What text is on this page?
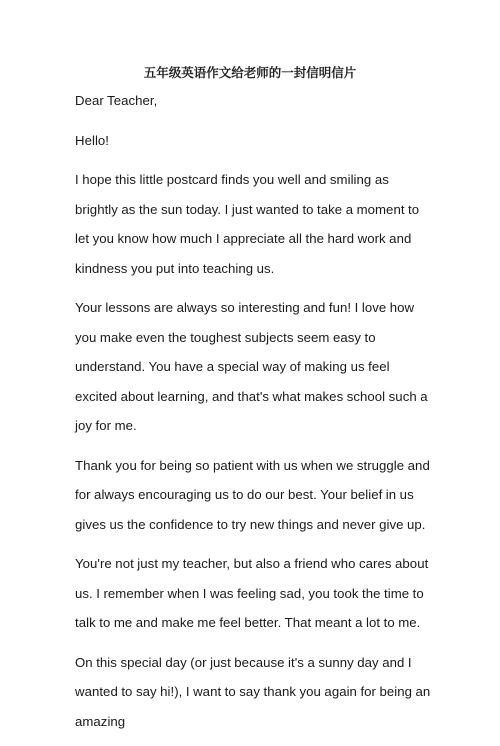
五年级英语作文给老师的一封信明信片

Dear Teacher,

Hello!

I hope this little postcard finds you well and smiling as brightly as the sun today. I just wanted to take a moment to let you know how much I appreciate all the hard work and kindness you put into teaching us.

Your lessons are always so interesting and fun! I love how you make even the toughest subjects seem easy to understand. You have a special way of making us feel excited about learning, and that's what makes school such a joy for me.

Thank you for being so patient with us when we struggle and for always encouraging us to do our best. Your belief in us gives us the confidence to try new things and never give up.

You're not just my teacher, but also a friend who cares about us. I remember when I was feeling sad, you took the time to talk to me and make me feel better. That meant a lot to me.

On this special day (or just because it's a sunny day and I wanted to say hi!), I want to say thank you again for being an amazing
